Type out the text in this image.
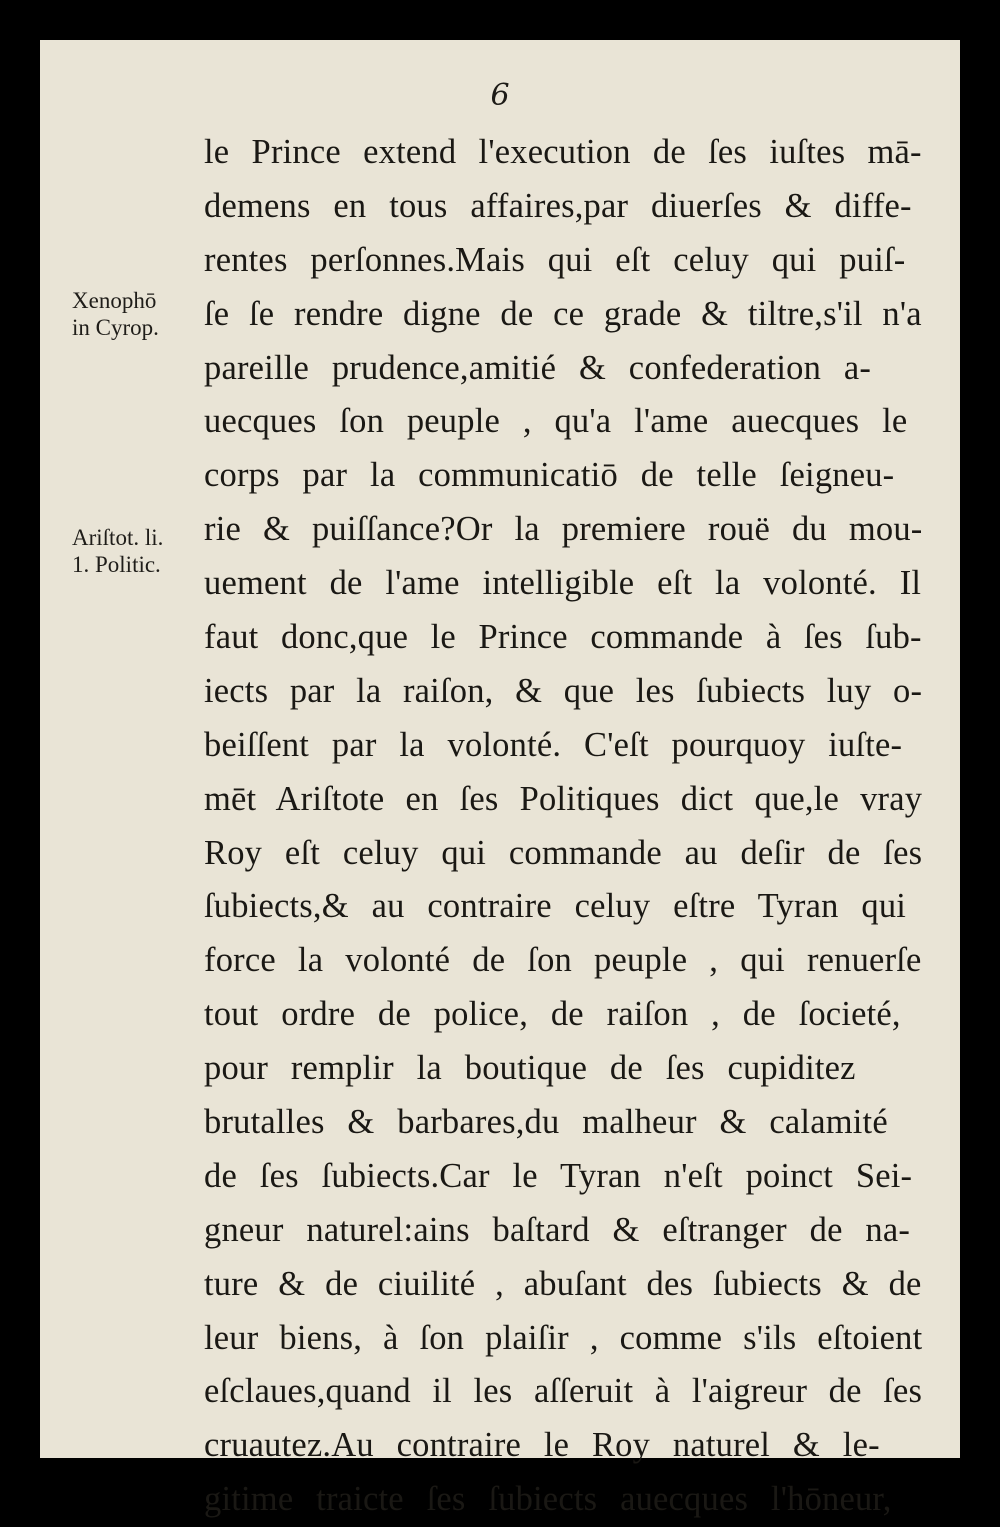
6
Xenophō
in Cyrop.
Ariſtot. li.
1. Politic.
le Prince extend l'execution de ſes iuſtes mā-
demens en tous affaires,par diuerſes & diffe-
rentes perſonnes.Mais qui eſt celuy qui puiſ-
ſe ſe rendre digne de ce grade & tiltre,s'il n'a
pareille prudence,amitié & confederation a-
uecques ſon peuple , qu'a l'ame auecques le
corps par la communicatiō de telle ſeigneu-
rie & puiſſance?Or la premiere rouë du mou-
uement de l'ame intelligible eſt la volonté. Il
faut donc,que le Prince commande à ſes ſub-
iects par la raiſon, & que les ſubiects luy o-
beiſſent par la volonté. C'eſt pourquoy iuſte-
mēt Ariſtote en ſes Politiques dict que,le vray
Roy eſt celuy qui commande au deſir de ſes
ſubiects,& au contraire celuy eſtre Tyran qui
force la volonté de ſon peuple , qui renuerſe
tout ordre de police, de raiſon , de ſocieté,
pour remplir la boutique de ſes cupiditez
brutalles & barbares,du malheur & calamité
de ſes ſubiects.Car le Tyran n'eſt poinct Sei-
gneur naturel:ains baſtard & eſtranger de na-
ture & de ciuilité , abuſant des ſubiects & de
leur biens, à ſon plaiſir , comme s'ils eſtoient
eſclaues,quand il les aſſeruit à l'aigreur de ſes
cruautez.Au contraire le Roy naturel & le-
gitime traicte ſes ſubiects auecques l'hōneur,
